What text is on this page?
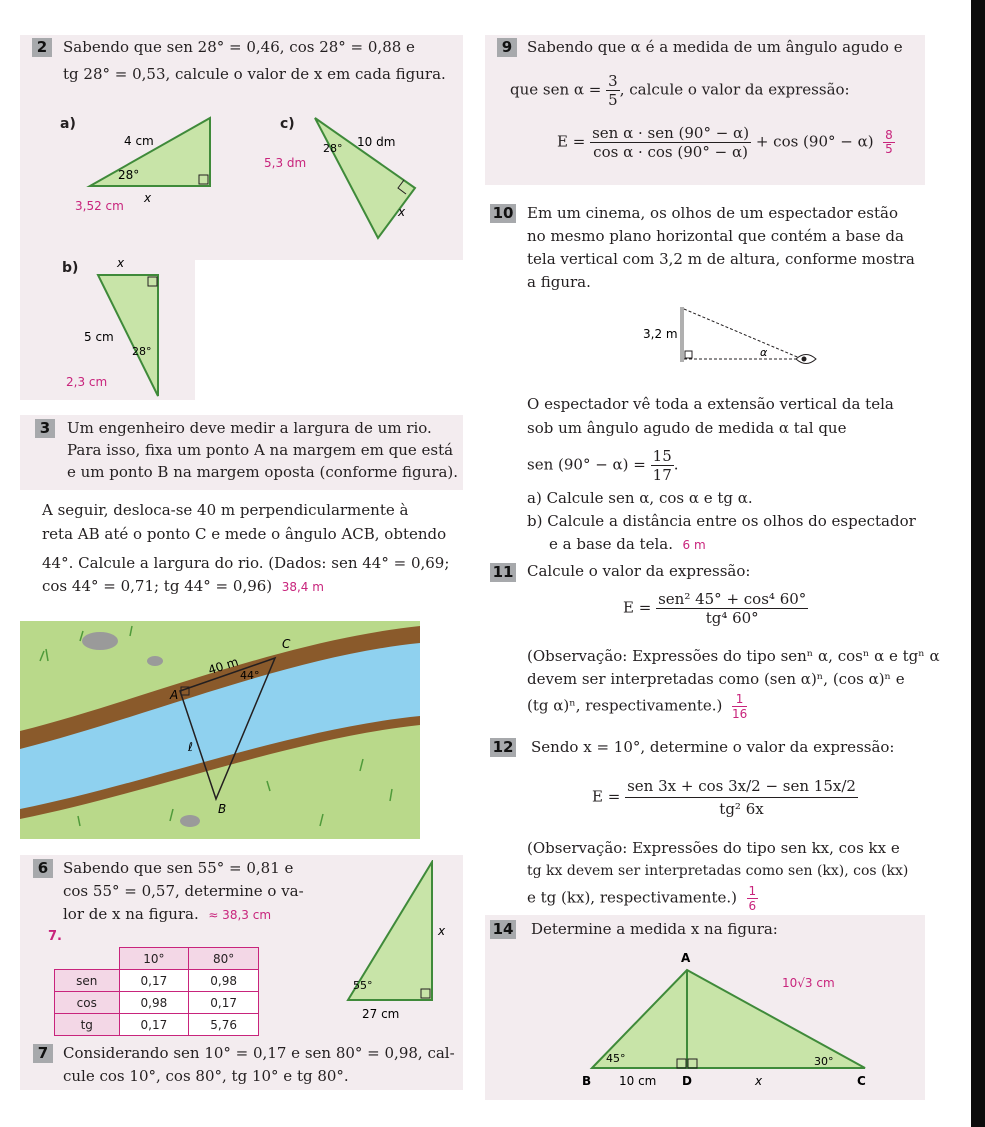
2	Sabendo que sen 28° = 0,46, cos 28° = 0,88 e
tg 28° = 0,53, calcule o valor de x em cada figura.
a)
4 cm
28°
x
3,52 cm
c)
28° 10 dm
5,3 dm
x
b)	x
5 cm
28°
2,3 cm
3	Um engenheiro deve medir a largura de um rio.
Para isso, fixa um ponto A na margem em que está
e um ponto B na margem oposta (conforme figura).
A seguir, desloca-se 40 m perpendicularmente à
reta AB até o ponto C e mede o ângulo ACB, obtendo
44°. Calcule a largura do rio. (Dados: sen 44° = 0,69;
cos 44° = 0,71; tg 44° = 0,96) 38,4 m
A
B
C
40 m 44°
ℓ
6 Sabendo que sen 55° = 0,81 e
cos 55° = 0,57, determine o va-
lor de x na figura. ≈ 38,3 cm
7.	x
55°
27 cm
	10°	80°
sen	0,17	0,98
cos	0,98	0,17
tg	0,17	5,76
7 Considerando sen 10° = 0,17 e sen 80° = 0,98, cal-
cule cos 10°, cos 80°, tg 10° e tg 80°.
9 Sabendo que α é a medida de um ângulo agudo e
que sen $\alpha = \frac{3}{5}$ , calcule o valor da expressão:
$E = \frac{\text{sen α · sen (90° − α)}}{\text{cos α · cos (90° − α)}} + \cos (90^\circ - \alpha) \frac{8}{5}$
10 Em um cinema, os olhos de um espectador estão
no mesmo plano horizontal que contém a base da
tela vertical com 3,2 m de altura, conforme mostra
a figura.
3,2 m
α
O espectador vê toda a extensão vertical da tela
sob um ângulo agudo de medida α tal que
sen $(90^\circ - \alpha) = \frac{15}{17}$ .
a) Calcule sen α, cos α e tg α.
b) Calcule a distância entre os olhos do espectador
e a base da tela. 6 m
11 Calcule o valor da expressão:
$E = \frac{\text{sen² 45° + cos⁴ 60°}}{\text{tg⁴ 60°}}$
(Observação: Expressões do tipo senⁿ α, cosⁿ α e tgⁿ α
devem ser interpretadas como (sen α)ⁿ, (cos α)ⁿ e
(tg α)ⁿ, respectivamente.) $\frac{1}{16}$
12 Sendo x = 10°, determine o valor da expressão:
$E = \frac{\text{sen 3x + cos 3x/2 − sen 15x/2}}{\text{tg² 6x}}$
(Observação: Expressões do tipo sen kx, cos kx e
tg kx devem ser interpretadas como sen (kx), cos (kx)
e tg (kx), respectivamente.) $\frac{1}{6}$
14 Determine a medida x na figura:
A
10√3 cm
45°	30°
B 10 cm D	x	C
